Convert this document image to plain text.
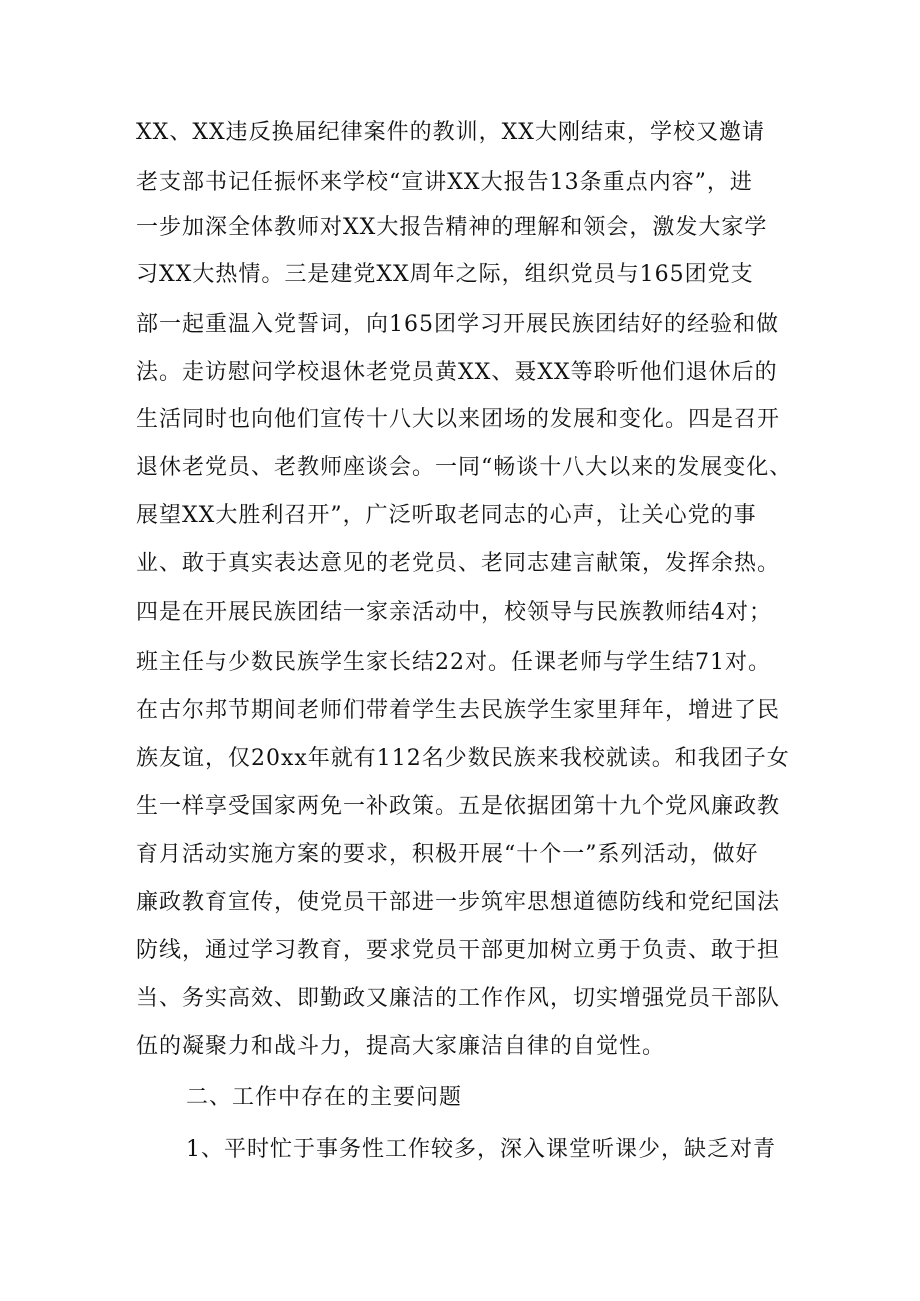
XX、XX违反换届纪律案件的教训，XX大刚结束，学校又邀请
老支部书记任振怀来学校“宣讲XX大报告13条重点内容”，进
一步加深全体教师对XX大报告精神的理解和领会，激发大家学
习XX大热情。三是建党XX周年之际，组织党员与165团党支
部一起重温入党誓词，向165团学习开展民族团结好的经验和做
法。走访慰问学校退休老党员黄XX、聂XX等聆听他们退休后的
生活同时也向他们宣传十八大以来团场的发展和变化。四是召开
退休老党员、老教师座谈会。一同“畅谈十八大以来的发展变化、
展望XX大胜利召开”，广泛听取老同志的心声，让关心党的事
业、敢于真实表达意见的老党员、老同志建言献策，发挥余热。
四是在开展民族团结一家亲活动中，校领导与民族教师结4对；
班主任与少数民族学生家长结22对。任课老师与学生结71对。
在古尔邦节期间老师们带着学生去民族学生家里拜年，增进了民
族友谊，仅20xx年就有112名少数民族来我校就读。和我团子女
生一样享受国家两免一补政策。五是依据团第十九个党风廉政教
育月活动实施方案的要求，积极开展“十个一”系列活动，做好
廉政教育宣传，使党员干部进一步筑牢思想道德防线和党纪国法
防线，通过学习教育，要求党员干部更加树立勇于负责、敢于担
当、务实高效、即勤政又廉洁的工作作风，切实增强党员干部队
伍的凝聚力和战斗力，提高大家廉洁自律的自觉性。
二、工作中存在的主要问题
1、平时忙于事务性工作较多，深入课堂听课少，缺乏对青
